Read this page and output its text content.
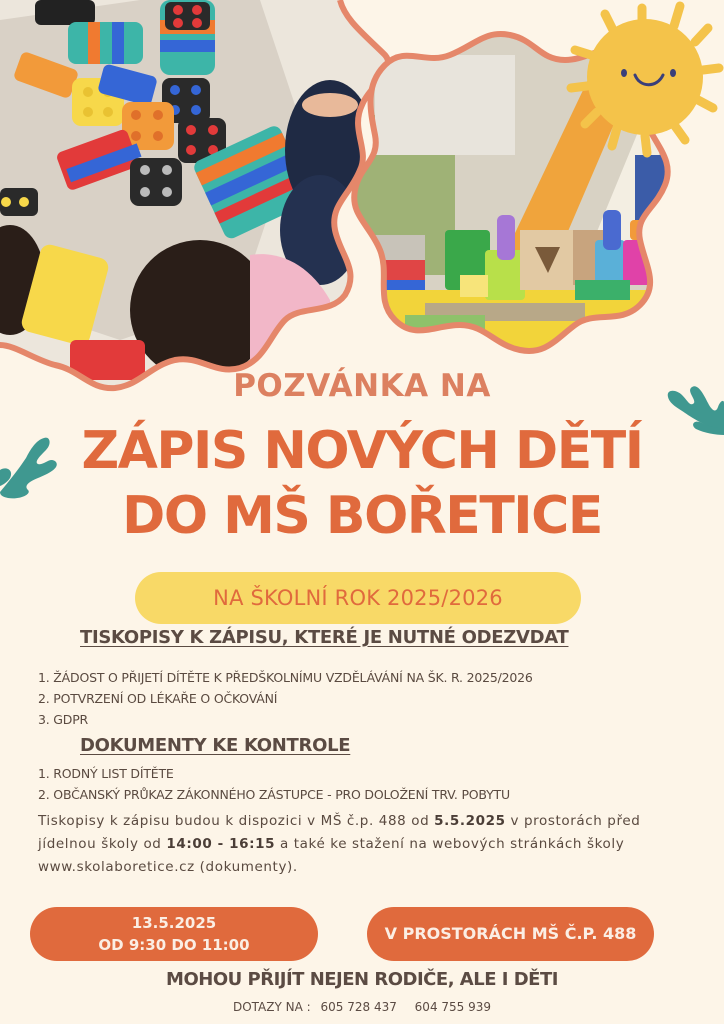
POZVÁNKA NA
ZÁPIS NOVÝCH DĚTÍ
DO MŠ BOŘETICE
NA ŠKOLNÍ ROK 2025/2026
TISKOPISY K ZÁPISU, KTERÉ JE NUTNÉ ODEZVDAT
1. ŽÁDOST O PŘIJETÍ DÍTĚTE K PŘEDŠKOLNÍMU VZDĚLÁVÁNÍ NA ŠK. R. 2025/2026
2. POTVRZENÍ OD LÉKAŘE O OČKOVÁNÍ
3. GDPR
DOKUMENTY KE KONTROLE
1. RODNÝ LIST DÍTĚTE
2. OBČANSKÝ PRŮKAZ ZÁKONNÉHO ZÁSTUPCE - PRO DOLOŽENÍ TRV. POBYTU

Tiskopisy k zápisu budou k dispozici v MŠ č.p. 488 od 5.5.2025 v prostorách před jídelnou školy od 14:00 - 16:15 a také ke stažení na webových stránkách školy www.skolaboretice.cz (dokumenty).

13.5.2025
OD 9:30 DO 11:00
V PROSTORÁCH MŠ Č.P. 488
MOHOU PŘIJÍT NEJEN RODIČE, ALE I DĚTI
DOTAZY NA : 605 728 437 604 755 939
